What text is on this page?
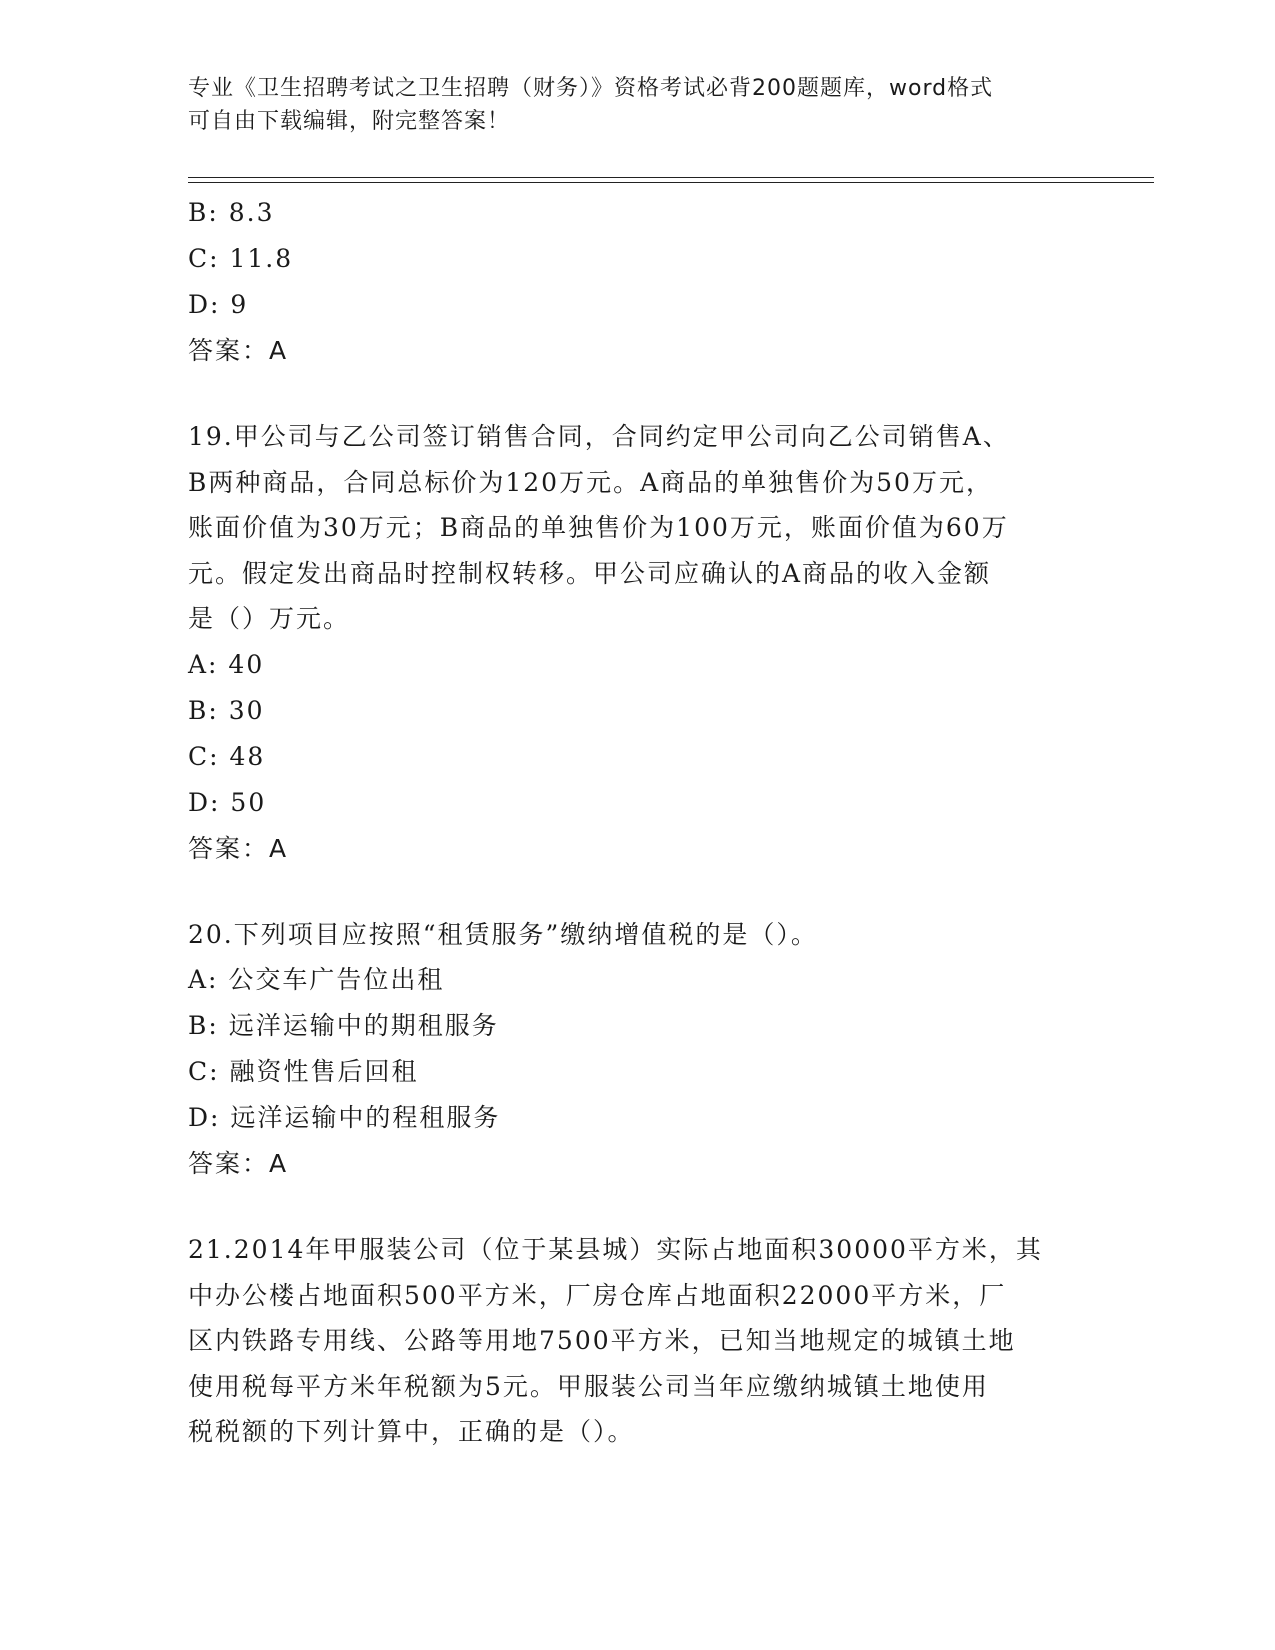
专业《卫生招聘考试之卫生招聘（财务）》资格考试必背200题题库，word格式
可自由下载编辑，附完整答案！
B: 8.3
C: 11.8
D: 9
答案：A
19.甲公司与乙公司签订销售合同，合同约定甲公司向乙公司销售A、
B两种商品，合同总标价为120万元。A商品的单独售价为50万元，
账面价值为30万元；B商品的单独售价为100万元，账面价值为60万
元。假定发出商品时控制权转移。甲公司应确认的A商品的收入金额
是（）万元。
A: 40
B: 30
C: 48
D: 50
答案：A
20.下列项目应按照“租赁服务”缴纳增值税的是（）。
A: 公交车广告位出租
B: 远洋运输中的期租服务
C: 融资性售后回租
D: 远洋运输中的程租服务
答案：A
21.2014年甲服装公司（位于某县城）实际占地面积30000平方米，其
中办公楼占地面积500平方米，厂房仓库占地面积22000平方米，厂
区内铁路专用线、公路等用地7500平方米，已知当地规定的城镇土地
使用税每平方米年税额为5元。甲服装公司当年应缴纳城镇土地使用
税税额的下列计算中，正确的是（）。
